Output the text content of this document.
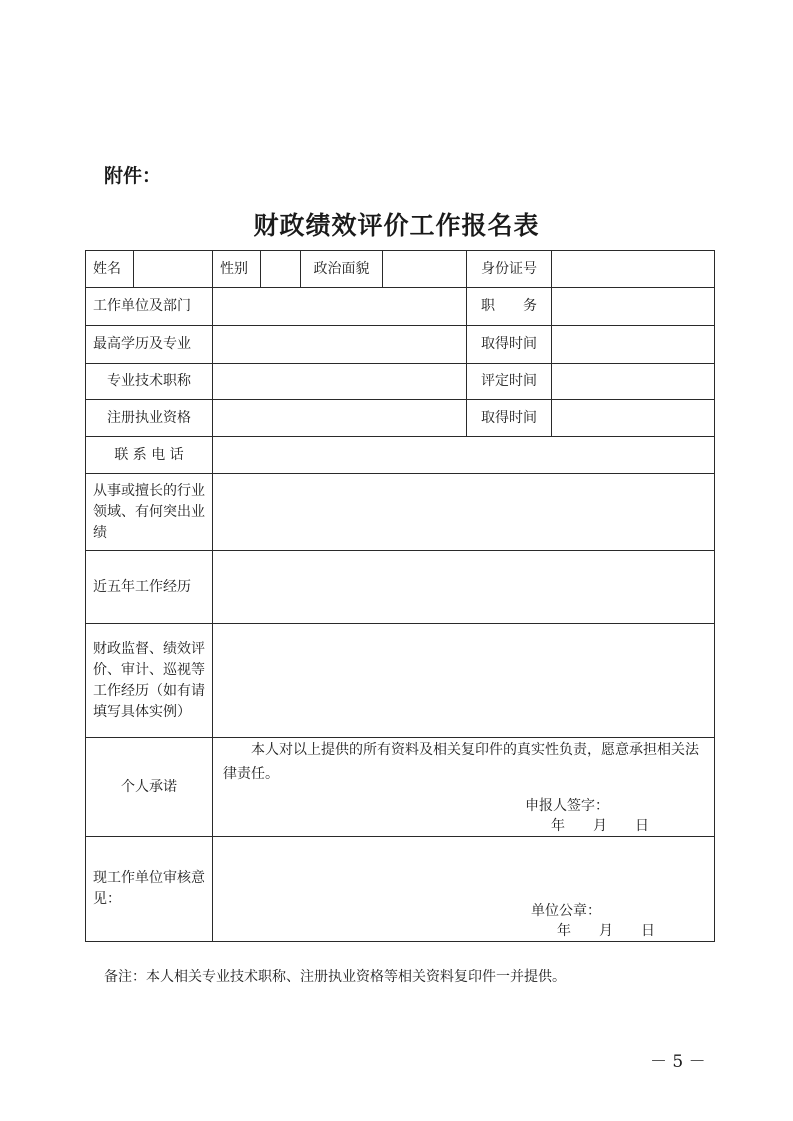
附件：
财政绩效评价工作报名表
姓名		性别		政治面貌		身份证号	
工作单位及部门						职　　务	
最高学历及专业						取得时间	
专业技术职称						评定时间	
注册执业资格						取得时间	
联 系 电 话							
从事或擅长的行业领域、有何突出业绩							
近五年工作经历							
财政监督、绩效评价、审计、巡视等工作经历（如有请填写具体实例）							
个人承诺		本人对以上提供的所有资料及相关复印件的真实性负责，愿意承担相关法律责任。
申报人签字：
年　　月　　日					

现工作单位审核意见：		单位公章：
年　　月　　日					
备注：本人相关专业技术职称、注册执业资格等相关资料复印件一并提供。
－ 5 －
